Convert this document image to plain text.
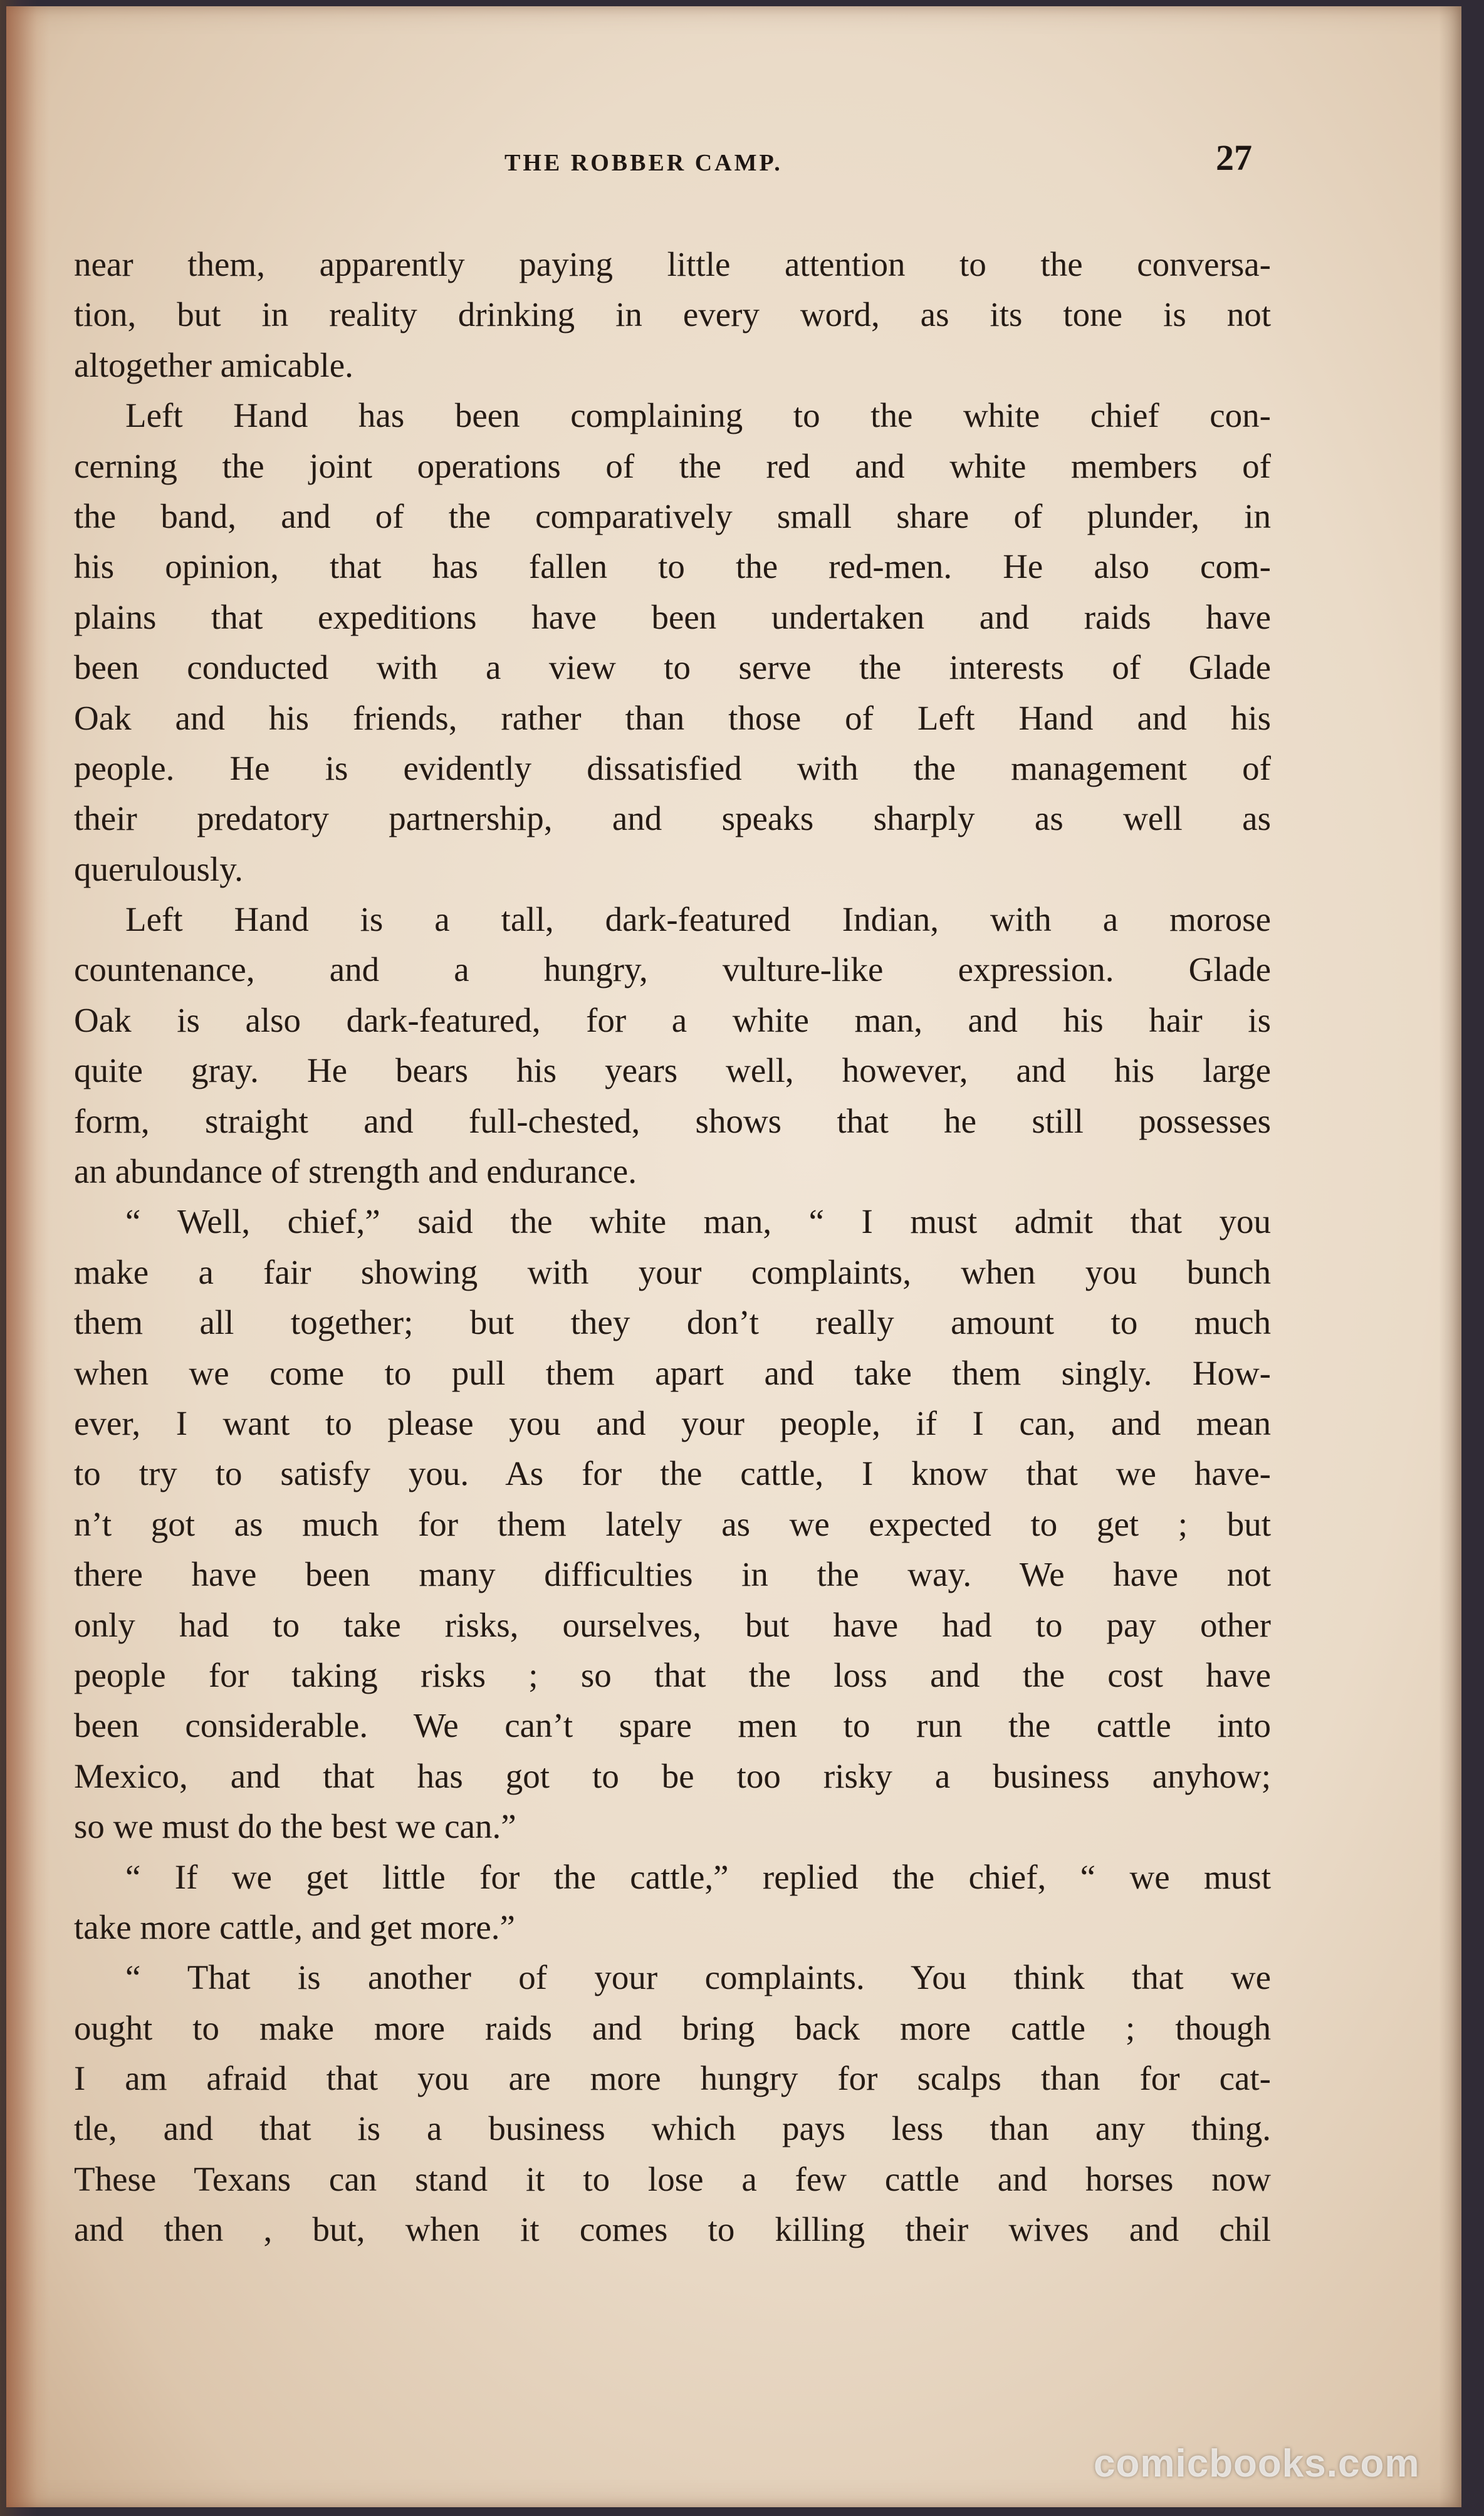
THE ROBBER CAMP.	27
near them, apparently paying little attention to the conversa-
tion, but in reality drinking in every word, as its tone is not
altogether amicable.
Left Hand has been complaining to the white chief con-
cerning the joint operations of the red and white members of
the band, and of the comparatively small share of plunder, in
his opinion, that has fallen to the red-men. He also com-
plains that expeditions have been undertaken and raids have
been conducted with a view to serve the interests of Glade
Oak and his friends, rather than those of Left Hand and his
people. He is evidently dissatisfied with the management of
their predatory partnership, and speaks sharply as well as
querulously.
Left Hand is a tall, dark-featured Indian, with a morose
countenance, and a hungry, vulture-like expression. Glade
Oak is also dark-featured, for a white man, and his hair is
quite gray. He bears his years well, however, and his large
form, straight and full-chested, shows that he still possesses
an abundance of strength and endurance.
“ Well, chief,” said the white man, “ I must admit that you
make a fair showing with your complaints, when you bunch
them all together; but they don’t really amount to much
when we come to pull them apart and take them singly. How-
ever, I want to please you and your people, if I can, and mean
to try to satisfy you. As for the cattle, I know that we have-
n’t got as much for them lately as we expected to get ; but
there have been many difficulties in the way. We have not
only had to take risks, ourselves, but have had to pay other
people for taking risks ; so that the loss and the cost have
been considerable. We can’t spare men to run the cattle into
Mexico, and that has got to be too risky a business anyhow;
so we must do the best we can.”
“ If we get little for the cattle,” replied the chief, “ we must
take more cattle, and get more.”
“ That is another of your complaints. You think that we
ought to make more raids and bring back more cattle ; though
I am afraid that you are more hungry for scalps than for cat-
tle, and that is a business which pays less than any thing.
These Texans can stand it to lose a few cattle and horses now
and then , but, when it comes to killing their wives and chil
comicbooks.com
